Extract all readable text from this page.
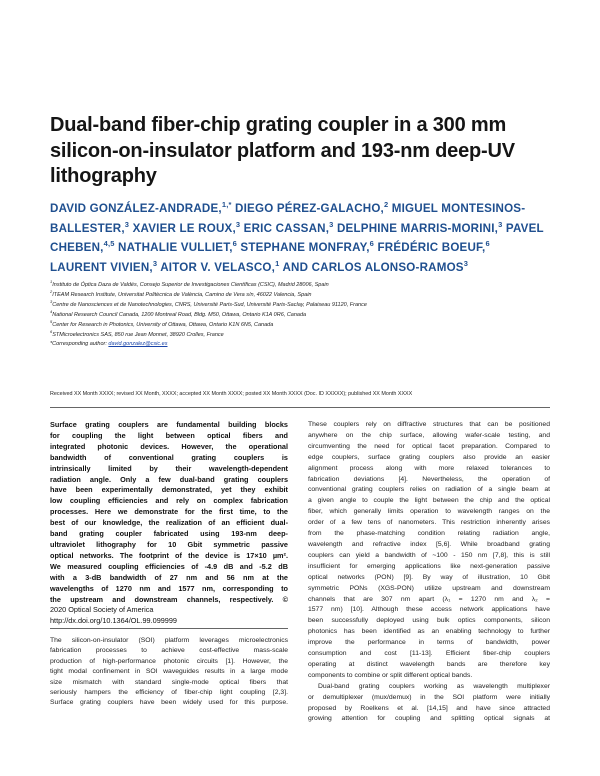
Dual-band fiber-chip grating coupler in a 300 mm
silicon-on-insulator platform and 193-nm deep-UV
lithography
DAVID GONZÁLEZ-ANDRADE,$^{1,*}$ DIEGO PÉREZ-GALACHO,$^2$ MIGUEL MONTESINOS-
BALLESTER,$^3$ XAVIER LE ROUX,$^3$ ERIC CASSAN,$^3$ DELPHINE MARRIS-MORINI,$^3$ PAVEL
CHEBEN,$^{4,5}$ NATHALIE VULLIET,$^6$ STEPHANE MONFRAY,$^6$ FRÉDÉRIC BOEUF,$^6$
LAURENT VIVIEN,$^3$ AITOR V. VELASCO,$^1$ AND CARLOS ALONSO-RAMOS$^3$
$^1$Instituto de Óptica Daza de Valdés, Consejo Superior de Investigaciones Científicas (CSIC), Madrid 28006, Spain
$^2$ITEAM Research Institute, Universitat Politècnica de València, Camino de Vera s/n, 46022 Valencia, Spain
$^3$Centre de Nanosciences et de Nanotechnologies, CNRS, Université Paris-Sud, Université Paris-Saclay, Palaiseau 91120, France
$^4$National Research Council Canada, 1200 Montreal Road, Bldg. M50, Ottawa, Ontario K1A 0R6, Canada
$^5$Center for Research in Photonics, University of Ottawa, Ottawa, Ontario K1N 6N5, Canada
$^6$STMicroelectronics SAS, 850 rue Jean Monnet, 38920 Crolles, France
*Corresponding author: david.gonzalez@csic.es
Received XX Month XXXX; revised XX Month, XXXX; accepted XX Month XXXX; posted XX Month XXXX (Doc. ID XXXXX); published XX Month XXXX
Surface grating couplers are fundamental building blocks
for coupling the light between optical fibers and
integrated photonic devices. However, the operational
bandwidth of conventional grating couplers is
intrinsically limited by their wavelength-dependent
radiation angle. Only a few dual-band grating couplers
have been experimentally demonstrated, yet they exhibit
low coupling efficiencies and rely on complex fabrication
processes. Here we demonstrate for the first time, to the
best of our knowledge, the realization of an efficient dual-
band grating coupler fabricated using 193-nm deep-
ultraviolet lithography for 10 Gbit symmetric passive
optical networks. The footprint of the device is 17×10 µm².
We measured coupling efficiencies of -4.9 dB and -5.2 dB
with a 3-dB bandwidth of 27 nm and 56 nm at the
wavelengths of 1270 nm and 1577 nm, corresponding to
the upstream and downstream channels, respectively. ©
2020 Optical Society of America
http://dx.doi.org/10.1364/OL.99.099999
The silicon-on-insulator (SOI) platform leverages microelectronics
fabrication processes to achieve cost-effective mass-scale
production of high-performance photonic circuits [1]. However, the
tight modal confinement in SOI waveguides results in a large mode
size mismatch with standard single-mode optical fibers that
seriously hampers the efficiency of fiber-chip light coupling [2,3].
Surface grating couplers have been widely used for this purpose.
These couplers rely on diffractive structures that can be positioned
anywhere on the chip surface, allowing wafer-scale testing, and
circumventing the need for optical facet preparation. Compared to
edge couplers, surface grating couplers also provide an easier
alignment process along with more relaxed tolerances to
fabrication deviations [4]. Nevertheless, the operation of
conventional grating couplers relies on radiation of a single beam at
a given angle to couple the light between the chip and the optical
fiber, which generally limits operation to wavelength ranges on the
order of a few tens of nanometers. This restriction inherently arises
from the phase-matching condition relating radiation angle,
wavelength and refractive index [5,6]. While broadband grating
couplers can yield a bandwidth of ~100 - 150 nm [7,8], this is still
insufficient for emerging applications like next-generation passive
optical networks (PON) [9]. By way of illustration, 10 Gbit
symmetric PONs (XGS-PON) utilize upstream and downstream
channels that are 307 nm apart (λ₁ = 1270 nm and λ₂ =
1577 nm) [10]. Although these access network applications have
been successfully deployed using bulk optics components, silicon
photonics has been identified as an enabling technology to further
improve the performance in terms of bandwidth, power
consumption and cost [11-13]. Efficient fiber-chip couplers
operating at distinct wavelength bands are therefore key
components to combine or split different optical bands.
Dual-band grating couplers working as wavelength multiplexer
or demultiplexer (mux/demux) in the SOI platform were initially
proposed by Roelkens et al. [14,15] and have since attracted
growing attention for coupling and splitting optical signals at
